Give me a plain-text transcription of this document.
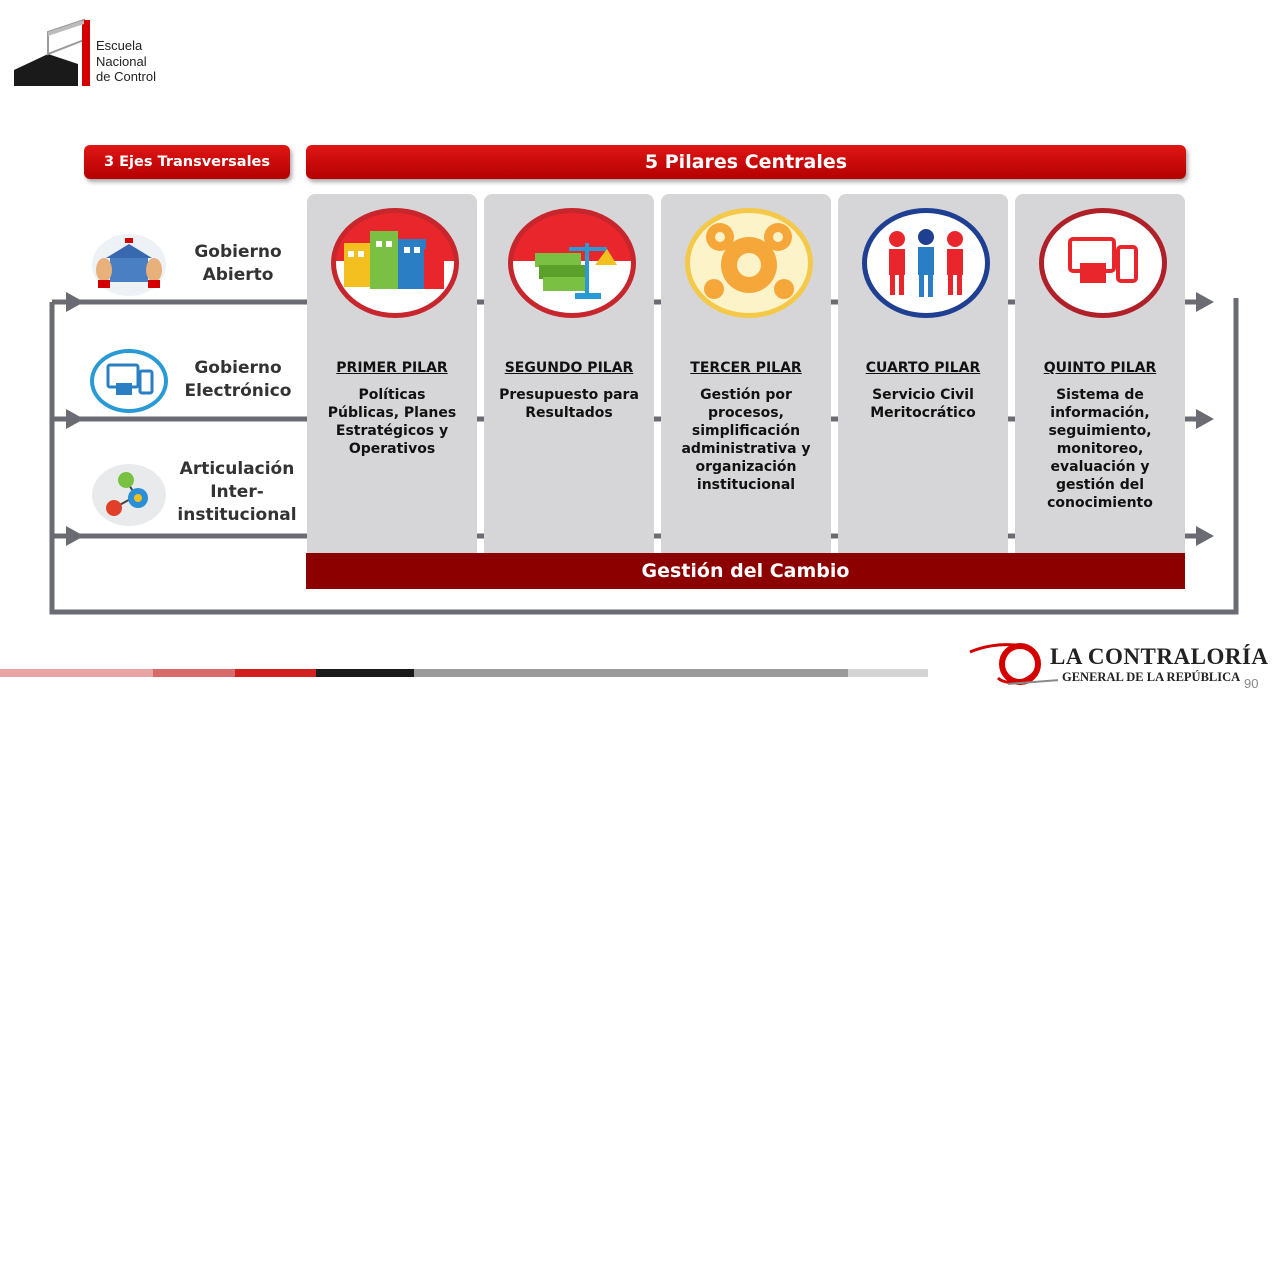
Escuela
Nacional
de Control
3 Ejes Transversales	5 Pilares Centrales
Gobierno
Abierto
Gobierno
Electrónico
Articulación
Inter-
institucional
PRIMER PILAR
Políticas
Públicas, Planes
Estratégicos y
Operativos
SEGUNDO PILAR
Presupuesto para
Resultados
TERCER PILAR
Gestión por
procesos,
simplificación
administrativa y
organización
institucional
CUARTO PILAR
Servicio Civil
Meritocrático
QUINTO PILAR
Sistema de
información,
seguimiento,
monitoreo,
evaluación y
gestión del
conocimiento
Gestión del Cambio
LA CONTRALORÍA
GENERAL DE LA REPÚBLICA 90
